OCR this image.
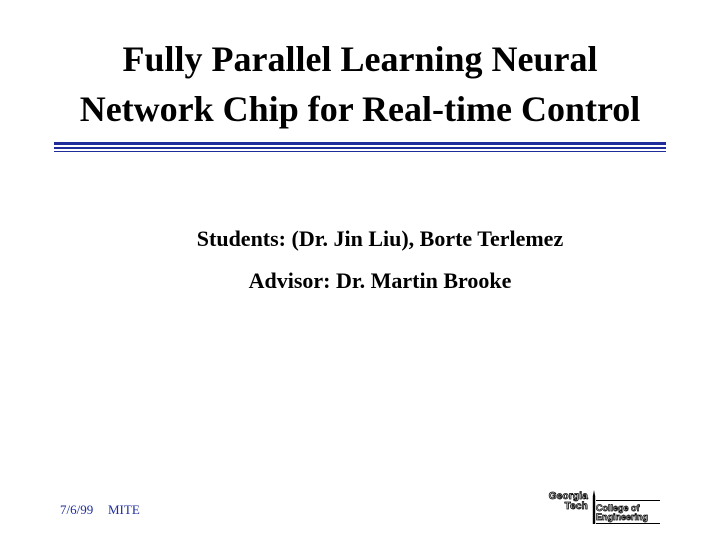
Fully Parallel Learning Neural
Network Chip for Real-time Control
Students: (Dr. Jin Liu), Borte Terlemez
Advisor: Dr. Martin Brooke
7/6/99 MITE
Georgia
Tech College of
Engineering
